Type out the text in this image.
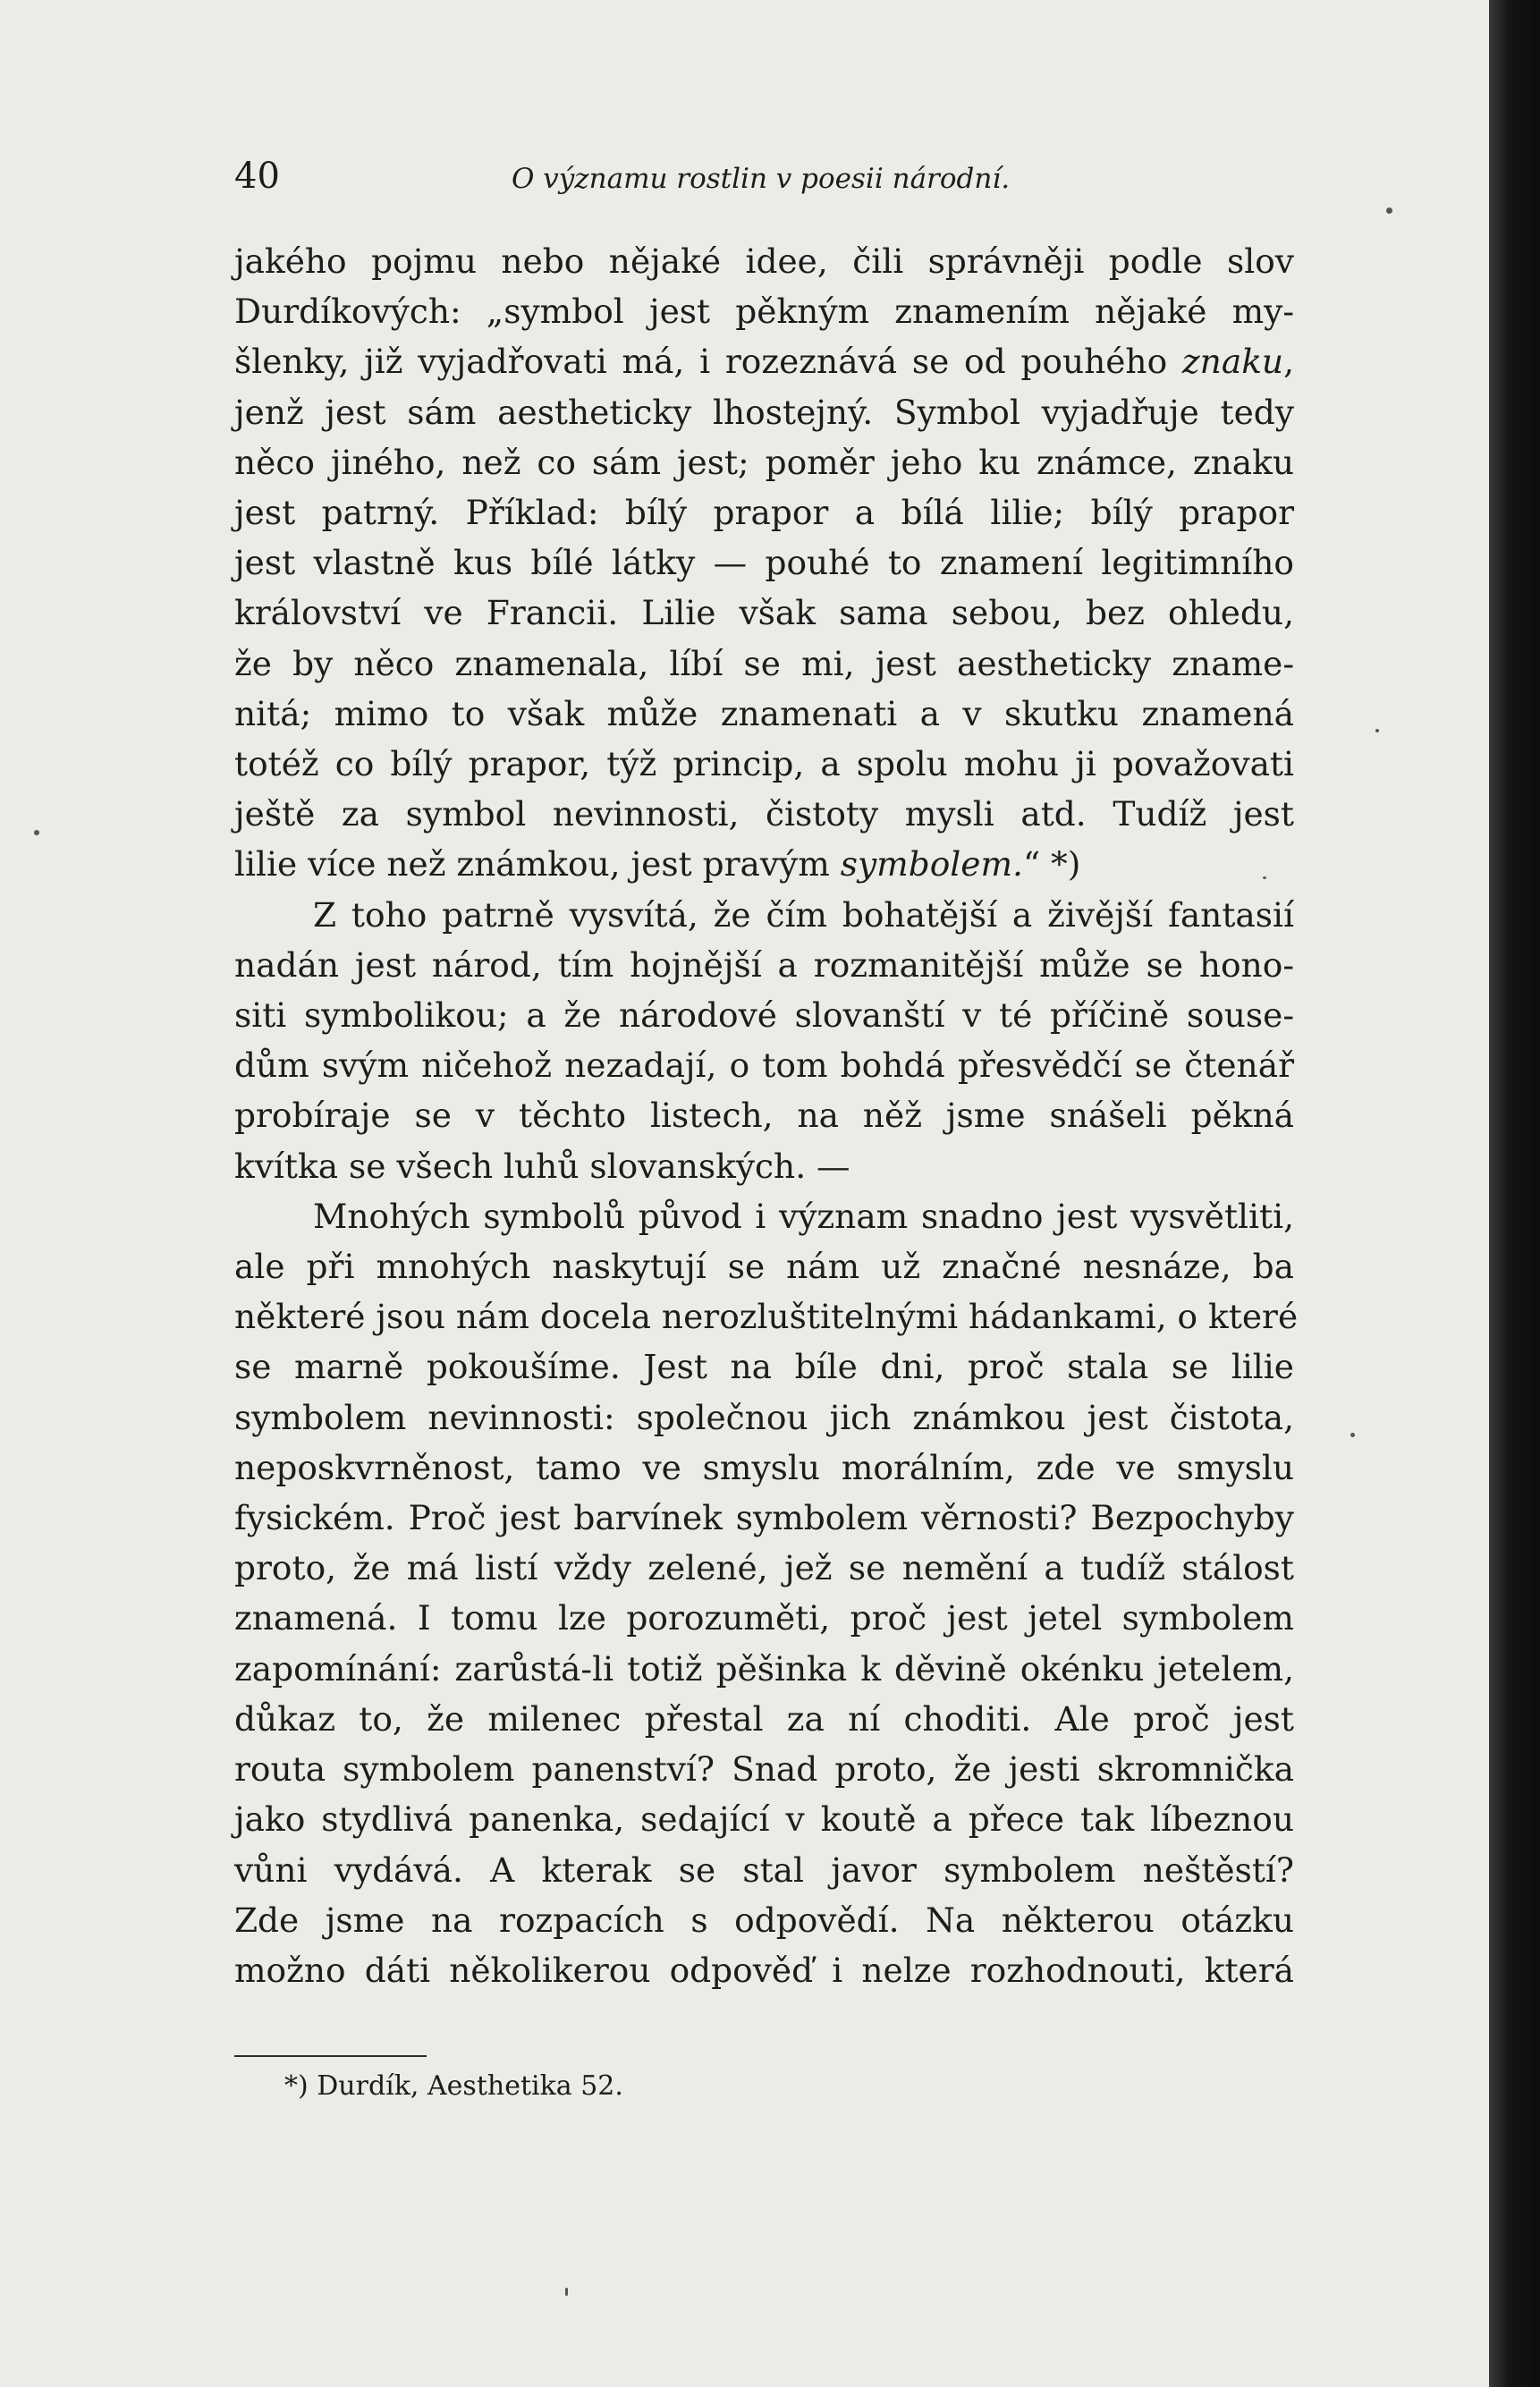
40	O významu rostlin v poesii národní.
jakého pojmu nebo nějaké idee, čili správněji podle slov
Durdíkových: „symbol jest pěkným znamením nějaké my-
šlenky, již vyjadřovati má, i rozeznává se od pouhého znaku,
jenž jest sám aesthеticky lhostejný. Symbol vyjadřuje tedy
něco jiného, než co sám jest; poměr jeho ku známce, znaku
jest patrný. Příklad: bílý prapor a bílá lilie; bílý prapor
jest vlastně kus bílé látky — pouhé to znamení legitimního
království ve Francii. Lilie však sama sebou, bez ohledu,
že by něco znamenala, líbí se mi, jest aesthеticky zname-
nitá; mimo to však může znamenati a v skutku znamená
totéž co bílý prapor, týž princip, a spolu mohu ji považovati
ještě za symbol nevinnosti, čistoty mysli atd. Tudíž jest
lilie více než známkou, jest pravým symbolem.“ *)
Z toho patrně vysvítá, že čím bohatější a živější fantasií
nadán jest národ, tím hojnější a rozmanitější může se hono-
siti symbolikou; a že národové slovanští v té příčině souse-
dům svým ničehož nezadají, o tom bohdá přesvědčí se čtenář
probíraje se v těchto listech, na něž jsme snášeli pěkná
kvítka se všech luhů slovanských. —
Mnohých symbolů původ i význam snadno jest vysvětliti,
ale při mnohých naskytují se nám už značné nesnáze, ba
některé jsou nám docela nerozluštitelnými hádankami, o které
se marně pokoušíme. Jest na bíle dni, proč stala se lilie
symbolem nevinnosti: společnou jich známkou jest čistota,
neposkvrněnost, tamo ve smyslu morálním, zde ve smyslu
fysickém. Proč jest barvínek symbolem věrnosti? Bezpochyby
proto, že má listí vždy zelené, jež se nemění a tudíž stálost
znamená. I tomu lze porozuměti, proč jest jetel symbolem
zapomínání: zarůstá-li totiž pěšinka k děvině okénku jetelem,
důkaz to, že milenec přestal za ní choditi. Ale proč jest
routa symbolem panenství? Snad proto, že jesti skromnička
jako stydlivá panenka, sedající v koutě a přece tak líbeznou
vůni vydává. A kterak se stal javor symbolem neštěstí?
Zde jsme na rozpacích s odpovědí. Na některou otázku
možno dáti několikerou odpověď i nelze rozhodnouti, která
*) Durdík, Aesthetika 52.
